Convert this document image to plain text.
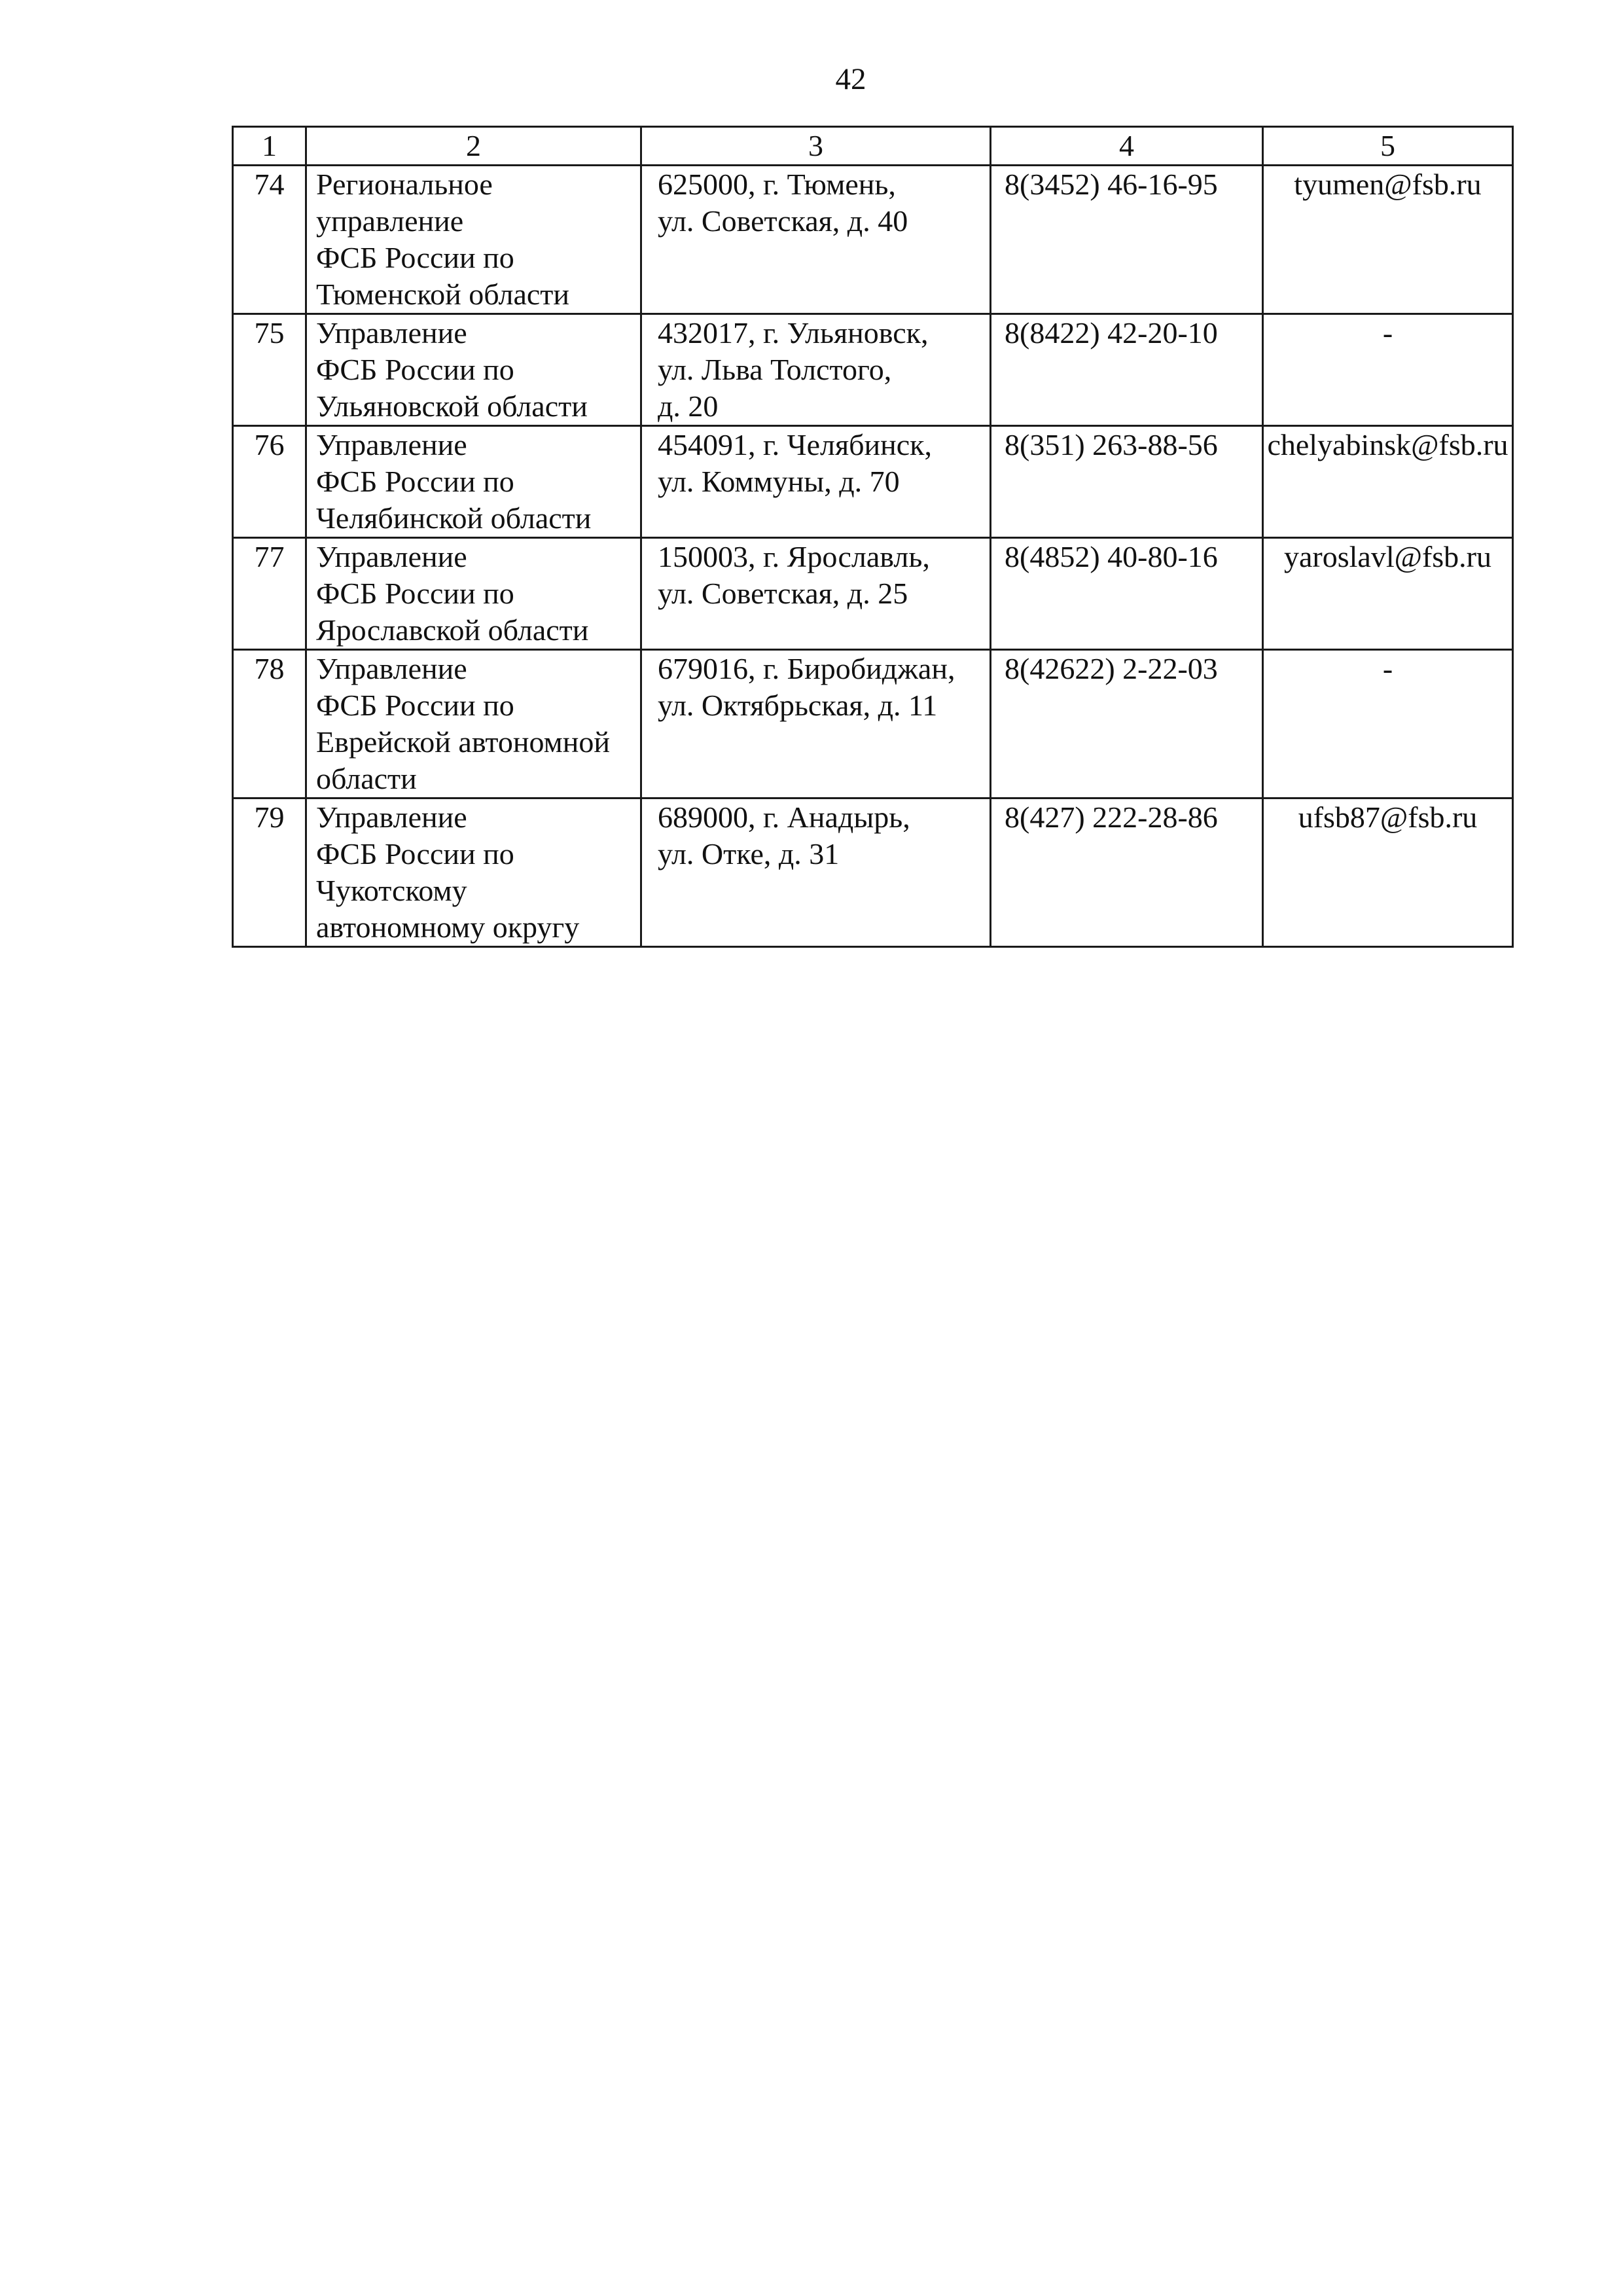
42
1	2	3	4	5
74	Региональное
управление
ФСБ России по
Тюменской области	625000, г. Тюмень,
ул. Советская, д. 40	8(3452) 46-16-95	tyumen@fsb.ru
75	Управление
ФСБ России по
Ульяновской области	432017, г. Ульяновск,
ул. Льва Толстого,
д. 20	8(8422) 42-20-10	-
76	Управление
ФСБ России по
Челябинской области	454091, г. Челябинск,
ул. Коммуны, д. 70	8(351) 263-88-56	chelyabinsk@fsb.ru
77	Управление
ФСБ России по
Ярославской области	150003, г. Ярославль,
ул. Советская, д. 25	8(4852) 40-80-16	yaroslavl@fsb.ru
78	Управление
ФСБ России по
Еврейской автономной
области	679016, г. Биробиджан,
ул. Октябрьская, д. 11	8(42622) 2-22-03	-
79	Управление
ФСБ России по
Чукотскому
автономному округу	689000, г. Анадырь,
ул. Отке, д. 31	8(427) 222-28-86	ufsb87@fsb.ru
